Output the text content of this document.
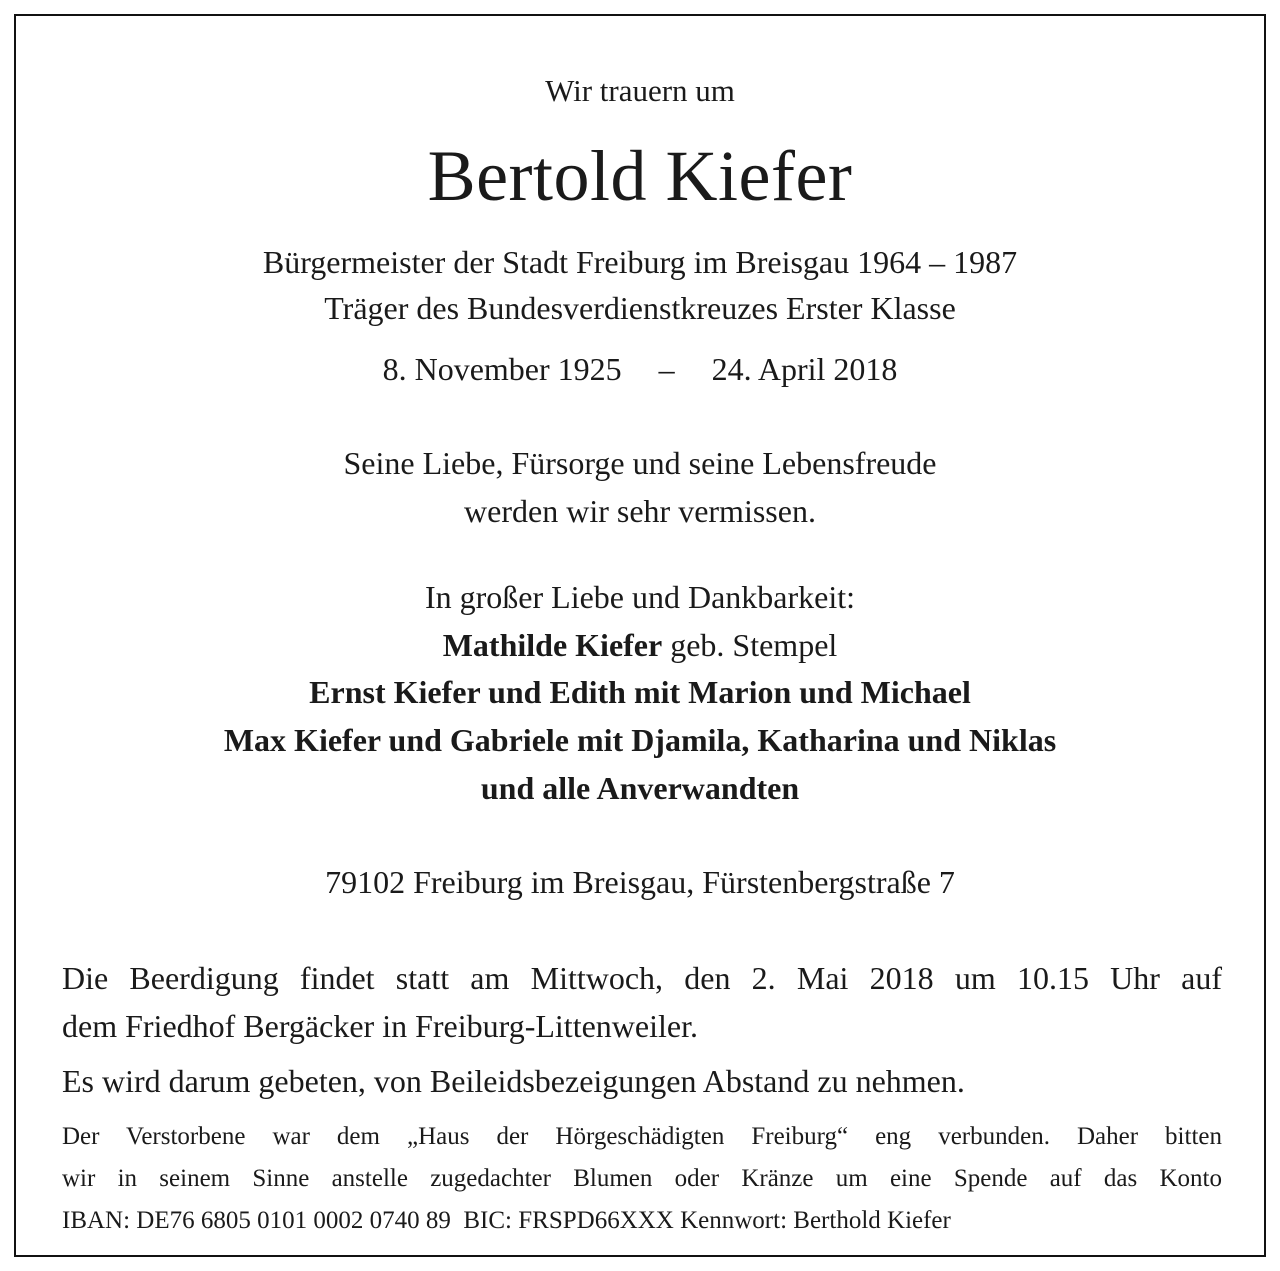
Wir trauern um
Bertold Kiefer
Bürgermeister der Stadt Freiburg im Breisgau 1964 – 1987
Träger des Bundesverdienstkreuzes Erster Klasse
8. November 1925 – 24. April 2018
Seine Liebe, Fürsorge und seine Lebensfreude
werden wir sehr vermissen.
In großer Liebe und Dankbarkeit:
Mathilde Kiefer geb. Stempel
Ernst Kiefer und Edith mit Marion und Michael
Max Kiefer und Gabriele mit Djamila, Katharina und Niklas
und alle Anverwandten
79102 Freiburg im Breisgau, Fürstenbergstraße 7
Die Beerdigung findet statt am Mittwoch, den 2. Mai 2018 um 10.15 Uhr auf
dem Friedhof Bergäcker in Freiburg-Littenweiler.
Es wird darum gebeten, von Beileidsbezeigungen Abstand zu nehmen.
Der Verstorbene war dem „Haus der Hörgeschädigten Freiburg“ eng verbunden. Daher bitten
wir in seinem Sinne anstelle zugedachter Blumen oder Kränze um eine Spende auf das Konto
IBAN: DE76 6805 0101 0002 0740 89  BIC: FRSPD66XXX Kennwort: Berthold Kiefer
